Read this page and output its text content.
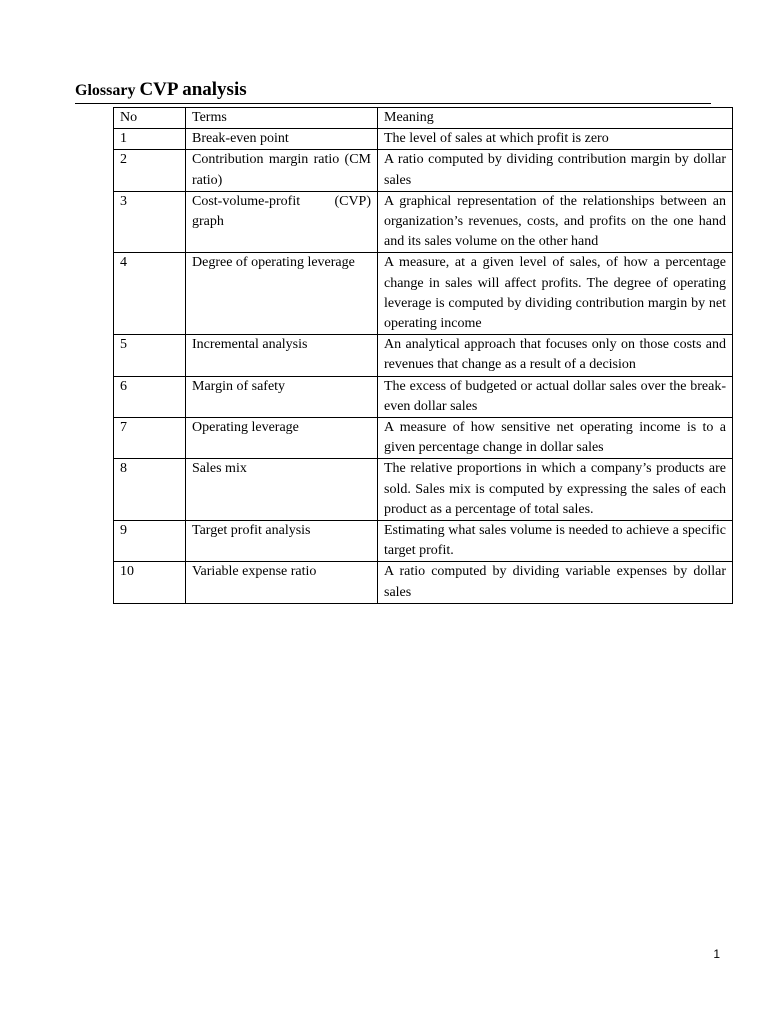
Glossary CVP analysis
No	Terms	Meaning
1	Break-even point	The level of sales at which profit is zero
2	Contribution margin ratio (CM ratio)	A ratio computed by dividing contribution margin by dollar sales
3	Cost-volume-profit (CVP) graph	A graphical representation of the relationships between an organization’s revenues, costs, and profits on the one hand and its sales volume on the other hand
4	Degree of operating leverage	A measure, at a given level of sales, of how a percentage change in sales will affect profits. The degree of operating leverage is computed by dividing contribution margin by net operating income
5	Incremental analysis	An analytical approach that focuses only on those costs and revenues that change as a result of a decision
6	Margin of safety	The excess of budgeted or actual dollar sales over the break-even dollar sales
7	Operating leverage	A measure of how sensitive net operating income is to a given percentage change in dollar sales
8	Sales mix	The relative proportions in which a company’s products are sold. Sales mix is computed by expressing the sales of each product as a percentage of total sales.
9	Target profit analysis	Estimating what sales volume is needed to achieve a specific target profit.
10	Variable expense ratio	A ratio computed by dividing variable expenses by dollar sales
1
